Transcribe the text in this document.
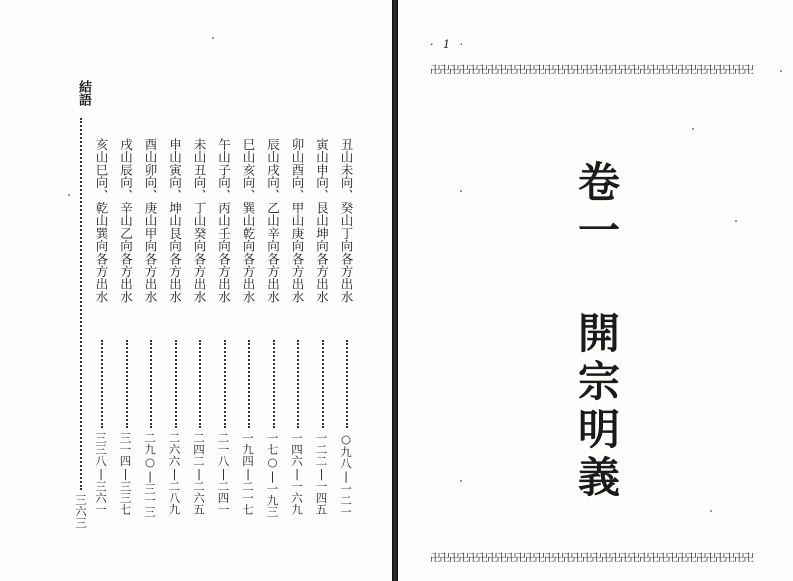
結語
三六三
丑山未向、癸山丁向各方出水
○九八|一二一
寅山申向、艮山坤向各方出水
一二二|一四五
卯山酉向、甲山庚向各方出水
一四六|一六九
辰山戌向、乙山辛向各方出水
一七○|一九三
巳山亥向、巽山乾向各方出水
一九四|二一七
午山子向、丙山壬向各方出水
二一八|二四一
未山丑向、丁山癸向各方出水
二四二|二六五
申山寅向、坤山艮向各方出水
二六六|二八九
酉山卯向、庚山甲向各方出水
二九○|三一三
戌山辰向、辛山乙向各方出水
三一四|三三七
亥山巳向、乾山巽向各方出水
三三八|三六一
· 1 ·
卍卍卍卍卍卍卍卍卍卍卍卍卍卍卍卍卍卍卍卍卍卍卍卍卍卍卍卍卍卍卍卍卍卍
卷一 開宗明義
卍卍卍卍卍卍卍卍卍卍卍卍卍卍卍卍卍卍卍卍卍卍卍卍卍卍卍卍卍卍卍卍卍卍
